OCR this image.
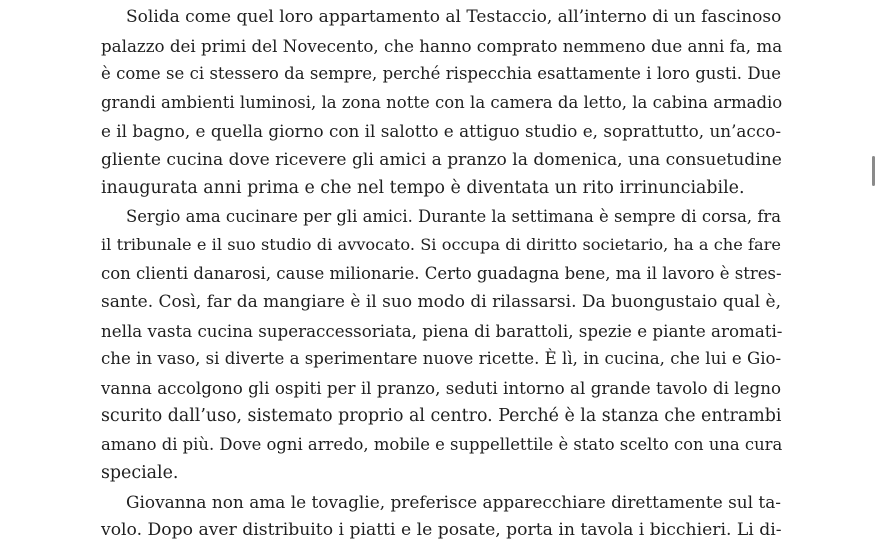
Solida come quel loro appartamento al Testaccio, all’interno di un fascinoso
palazzo dei primi del Novecento, che hanno comprato nemmeno due anni fa, ma
è come se ci stessero da sempre, perché rispecchia esattamente i loro gusti. Due
grandi ambienti luminosi, la zona notte con la camera da letto, la cabina armadio
e il bagno, e quella giorno con il salotto e attiguo studio e, soprattutto, un’acco-
gliente cucina dove ricevere gli amici a pranzo la domenica, una consuetudine
inaugurata anni prima e che nel tempo è diventata un rito irrinunciabile.
Sergio ama cucinare per gli amici. Durante la settimana è sempre di corsa, fra
il tribunale e il suo studio di avvocato. Si occupa di diritto societario, ha a che fare
con clienti danarosi, cause milionarie. Certo guadagna bene, ma il lavoro è stres-
sante. Così, far da mangiare è il suo modo di rilassarsi. Da buongustaio qual è,
nella vasta cucina superaccessoriata, piena di barattoli, spezie e piante aromati-
che in vaso, si diverte a sperimentare nuove ricette. È lì, in cucina, che lui e Gio-
vanna accolgono gli ospiti per il pranzo, seduti intorno al grande tavolo di legno
scurito dall’uso, sistemato proprio al centro. Perché è la stanza che entrambi
amano di più. Dove ogni arredo, mobile e suppellettile è stato scelto con una cura
speciale.
Giovanna non ama le tovaglie, preferisce apparecchiare direttamente sul ta-
volo. Dopo aver distribuito i piatti e le posate, porta in tavola i bicchieri. Li di-
